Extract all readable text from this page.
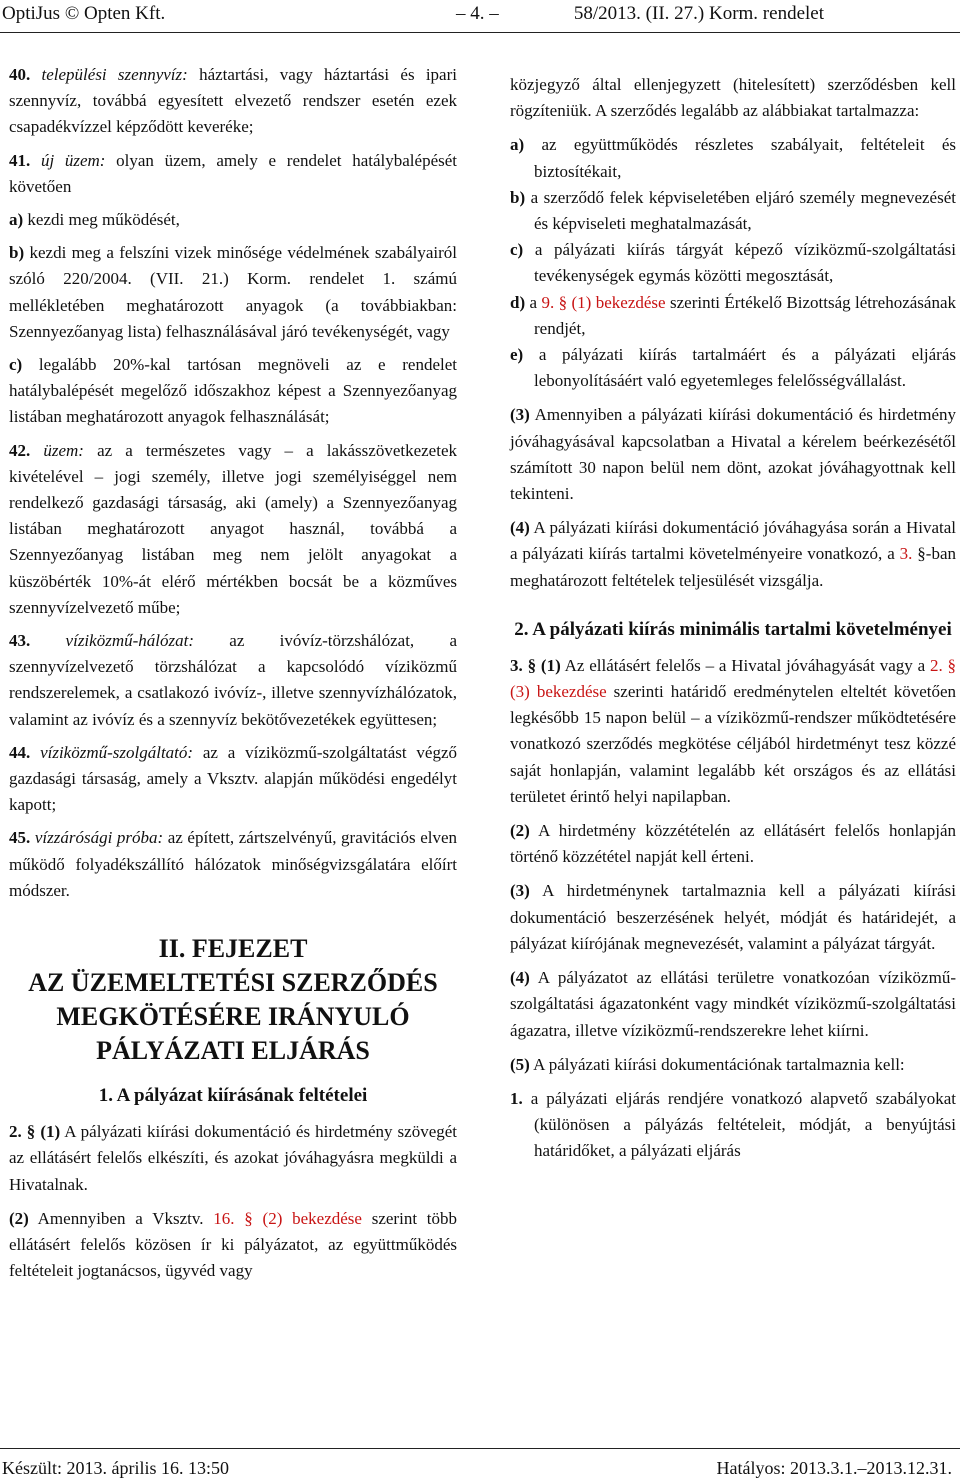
OptiJus © Opten Kft.	– 4. –	58/2013. (II. 27.) Korm. rendelet

40. települési szennyvíz: háztartási, vagy háztartási és ipari szennyvíz, továbbá egyesített elvezető rendszer esetén ezek csapadékvízzel képződött keveréke;

41. új üzem: olyan üzem, amely e rendelet hatálybalépését követően

a) kezdi meg működését,

b) kezdi meg a felszíni vizek minősége védelmének szabályairól szóló 220/2004. (VII. 21.) Korm. rendelet 1. számú mellékletében meghatározott anyagok (a továbbiakban: Szennyezőanyag lista) felhasználásával járó tevékenységét, vagy

c) legalább 20%-kal tartósan megnöveli az e rendelet hatálybalépését megelőző időszakhoz képest a Szennyezőanyag listában meghatározott anyagok felhasználását;

42. üzem: az a természetes vagy – a lakásszövetkezetek kivételével – jogi személy, illetve jogi személyiséggel nem rendelkező gazdasági társaság, aki (amely) a Szennyezőanyag listában meghatározott anyagot használ, továbbá a Szennyezőanyag listában meg nem jelölt anyagokat a küszöbérték 10%-át elérő mértékben bocsát be a közműves szennyvízelvezető műbe;

43. víziközmű-hálózat: az ivóvíz-törzshálózat, a szennyvízelvezető törzshálózat a kapcsolódó víziközmű rendszerelemek, a csatlakozó ivóvíz-, illetve szennyvízhálózatok, valamint az ivóvíz és a szennyvíz bekötővezetékek együttesen;

44. víziközmű-szolgáltató: az a víziközmű-szolgáltatást végző gazdasági társaság, amely a Vksztv. alapján működési engedélyt kapott;

45. vízzárósági próba: az épített, zártszelvényű, gravitációs elven működő folyadékszállító hálózatok minőségvizsgálatára előírt módszer.

II. FEJEZET
AZ ÜZEMELTETÉSI SZERZŐDÉS MEGKÖTÉSÉRE IRÁNYULÓ PÁLYÁZATI ELJÁRÁS
1. A pályázat kiírásának feltételei

2. § (1) A pályázati kiírási dokumentáció és hirdetmény szövegét az ellátásért felelős elkészíti, és azokat jóváhagyásra megküldi a Hivatalnak.

(2) Amennyiben a Vksztv. 16. § (2) bekezdése szerint több ellátásért felelős közösen ír ki pályázatot, az együttműködés feltételeit jogtanácsos, ügyvéd vagy

közjegyző által ellenjegyzett (hitelesített) szerződésben kell rögzíteniük. A szerződés legalább az alábbiakat tartalmazza:

a) az együttműködés részletes szabályait, feltételeit és biztosítékait,

b) a szerződő felek képviseletében eljáró személy megnevezését és képviseleti meghatalmazását,

c) a pályázati kiírás tárgyát képező víziközmű-szolgáltatási tevékenységek egymás közötti megosztását,

d) a 9. § (1) bekezdése szerinti Értékelő Bizottság létrehozásának rendjét,

e) a pályázati kiírás tartalmáért és a pályázati eljárás lebonyolításáért való egyetemleges felelősségvállalást.

(3) Amennyiben a pályázati kiírási dokumentáció és hirdetmény jóváhagyásával kapcsolatban a Hivatal a kérelem beérkezésétől számított 30 napon belül nem dönt, azokat jóváhagyottnak kell tekinteni.

(4) A pályázati kiírási dokumentáció jóváhagyása során a Hivatal a pályázati kiírás tartalmi követelményeire vonatkozó, a 3. §-ban meghatározott feltételek teljesülését vizsgálja.

2. A pályázati kiírás minimális tartalmi követelményei

3. § (1) Az ellátásért felelős – a Hivatal jóváhagyását vagy a 2. § (3) bekezdése szerinti határidő eredménytelen elteltét követően legkésőbb 15 napon belül – a víziközmű-rendszer működtetésére vonatkozó szerződés megkötése céljából hirdetményt tesz közzé saját honlapján, valamint legalább két országos és az ellátási területet érintő helyi napilapban.

(2) A hirdetmény közzétételén az ellátásért felelős honlapján történő közzététel napját kell érteni.

(3) A hirdetménynek tartalmaznia kell a pályázati kiírási dokumentáció beszerzésének helyét, módját és határidejét, a pályázat kiírójának megnevezését, valamint a pályázat tárgyát.

(4) A pályázatot az ellátási területre vonatkozóan víziközmű-szolgáltatási ágazatonként vagy mindkét víziközmű-szolgáltatási ágazatra, illetve víziközmű-rendszerekre lehet kiírni.

(5) A pályázati kiírási dokumentációnak tartalmaznia kell:

1. a pályázati eljárás rendjére vonatkozó alapvető szabályokat (különösen a pályázás feltételeit, módját, a benyújtási határidőket, a pályázati eljárás

Készült: 2013. április 16. 13:50	Hatályos: 2013.3.1.–2013.12.31.
